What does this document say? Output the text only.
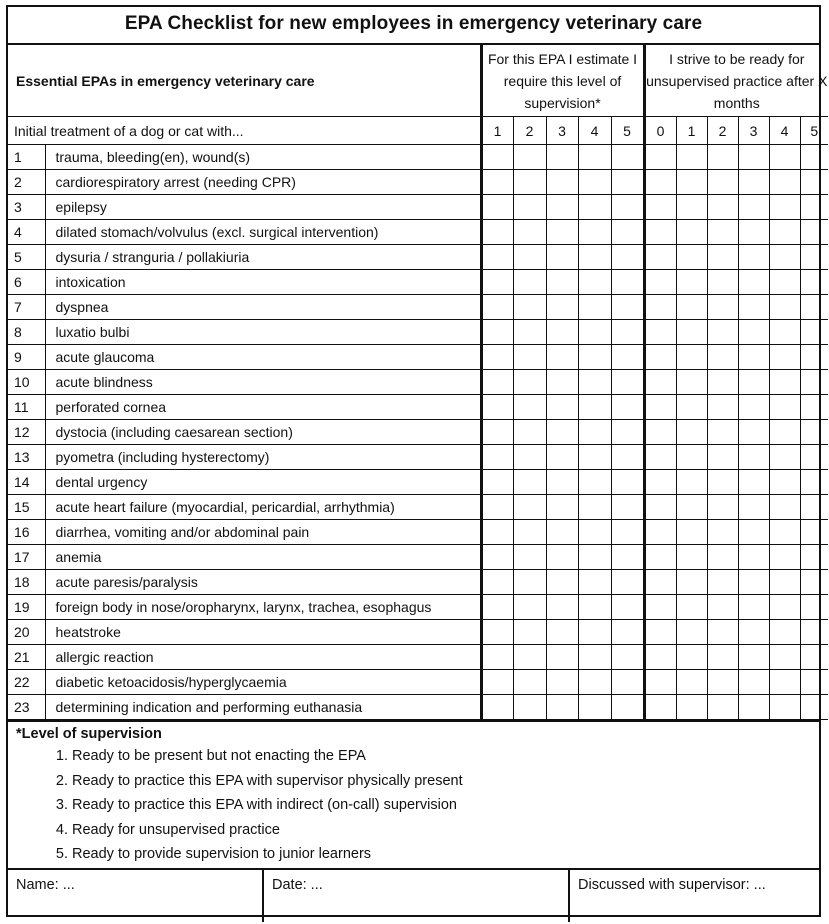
EPA Checklist for new employees in emergency veterinary care
Essential EPAs in emergency veterinary care		For this EPA I estimate I require this level of supervision*					I strive to be ready for unsupervised practice after X months					
Initial treatment of a dog or cat with...		1	2	3	4	5	0	1	2	3	4	5
1	trauma, bleeding(en), wound(s)											
2	cardiorespiratory arrest (needing CPR)											
3	epilepsy											
4	dilated stomach/volvulus (excl. surgical intervention)											
5	dysuria / stranguria / pollakiuria											
6	intoxication											
7	dyspnea											
8	luxatio bulbi											
9	acute glaucoma											
10	acute blindness											
11	perforated cornea											
12	dystocia (including caesarean section)											
13	pyometra (including hysterectomy)											
14	dental urgency											
15	acute heart failure (myocardial, pericardial, arrhythmia)											
16	diarrhea, vomiting and/or abdominal pain											
17	anemia											
18	acute paresis/paralysis											
19	foreign body in nose/oropharynx, larynx, trachea, esophagus											
20	heatstroke											
21	allergic reaction											
22	diabetic ketoacidosis/hyperglycaemia											
23	determining indication and performing euthanasia											
*Level of supervision
1. Ready to be present but not enacting the EPA
2. Ready to practice this EPA with supervisor physically present
3. Ready to practice this EPA with indirect (on-call) supervision
4. Ready for unsupervised practice
5. Ready to provide supervision to junior learners
Name: ...	Date: ...	Discussed with supervisor: ...
